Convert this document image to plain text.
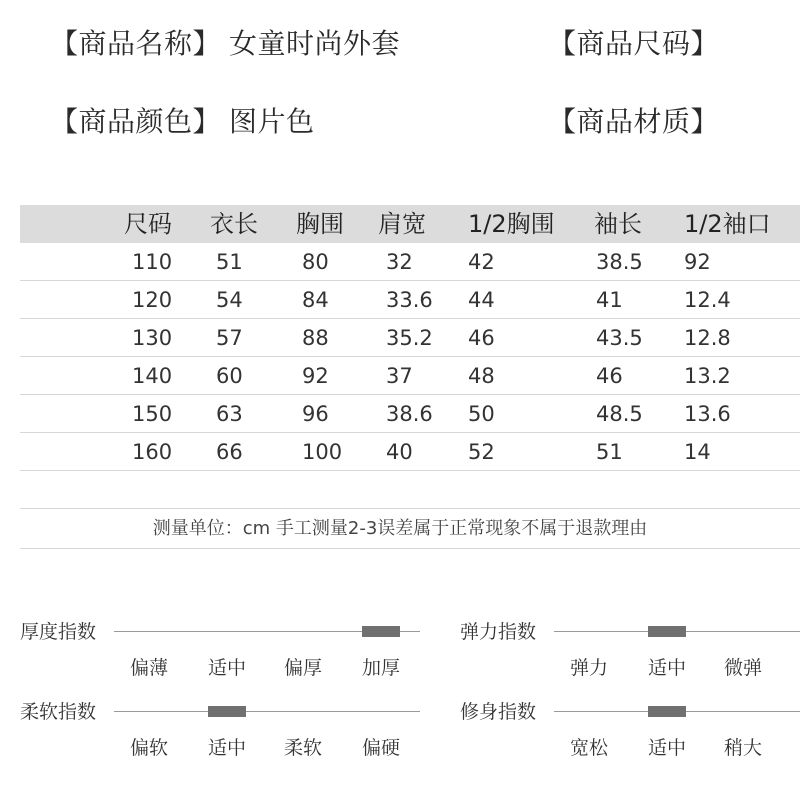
【商品名称】 女童时尚外套	【商品尺码】
【商品颜色】 图片色	【商品材质】
尺码 衣长 胸围 肩宽 1/2胸围 袖长 1/2袖口
110 51	80	32	42	38.5 92
120 54	84	33.6 44	41	12.4
130 57	88	35.2 46	43.5 12.8
140 60	92	37	48	46	13.2
150 63	96	38.6 50	48.5 13.6
160 66	100 40	52	51	14
测量单位：cm 手工测量2-3误差属于正常现象不属于退款理由
厚度指数
偏薄 适中 偏厚 加厚
弹力指数
弹力 适中 微弹
柔软指数
偏软 适中 柔软 偏硬
修身指数
宽松 适中 稍大
